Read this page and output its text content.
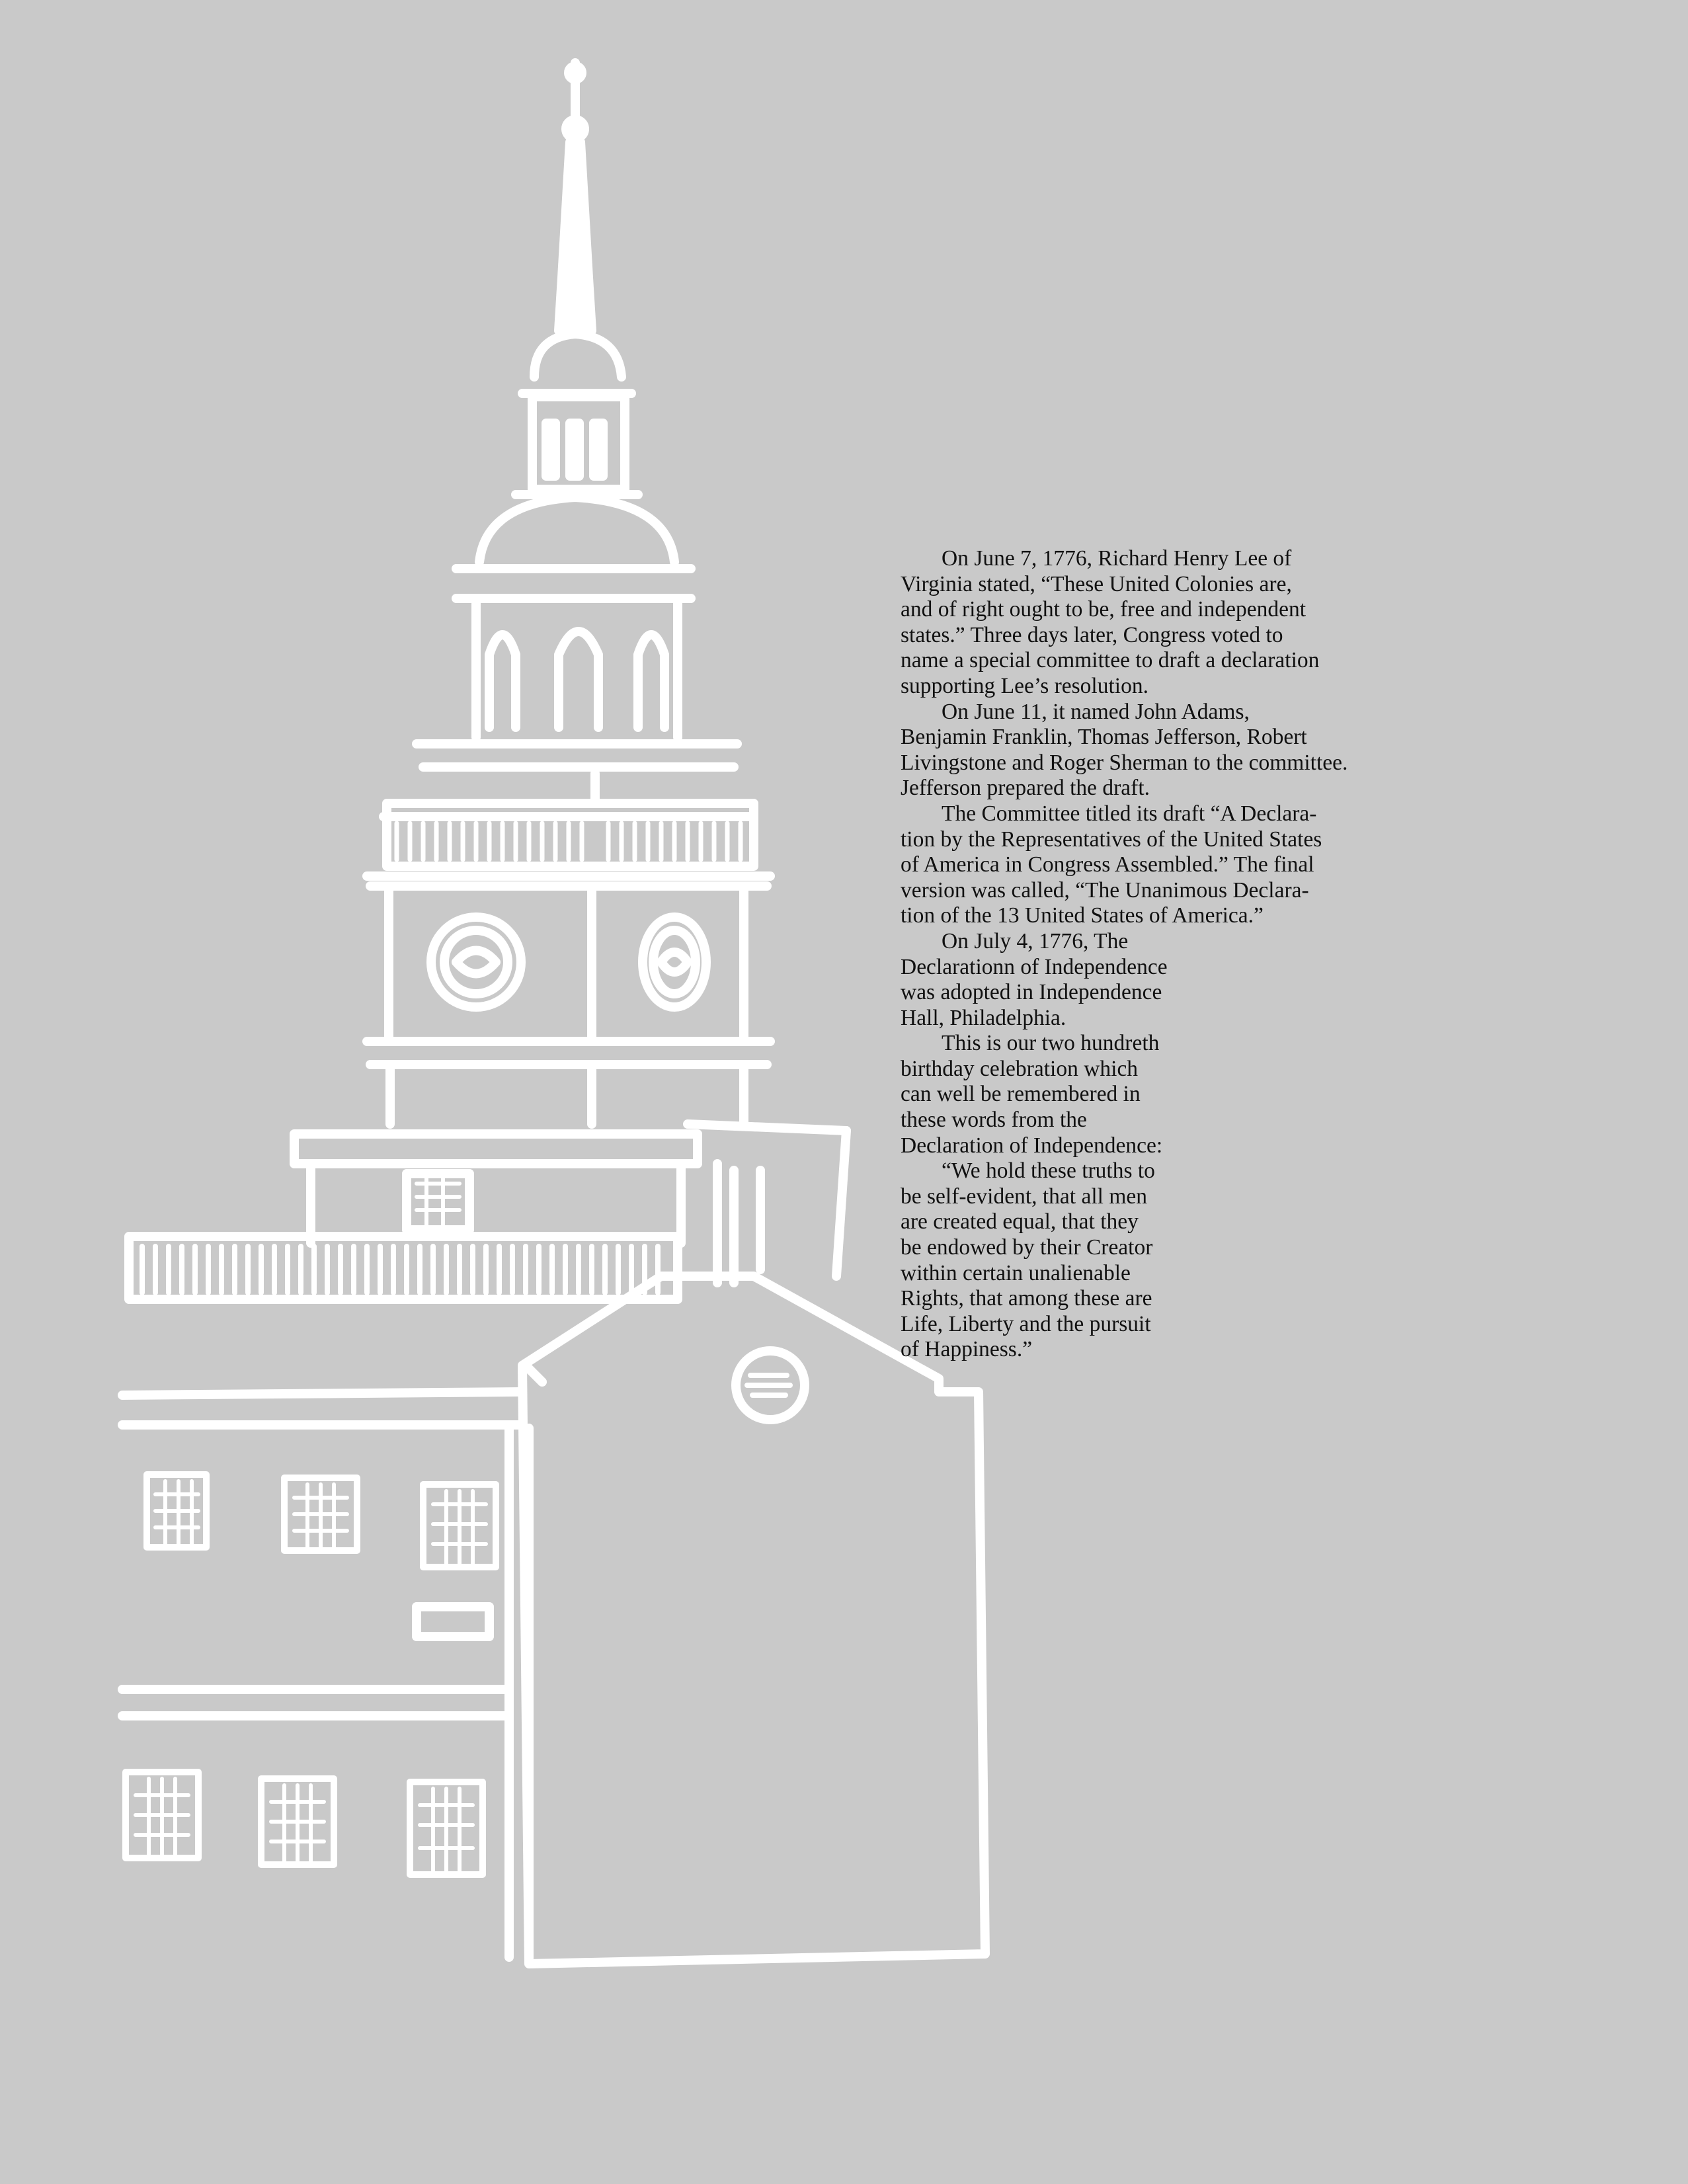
On June 7, 1776, Richard Henry Lee of
Virginia stated, “These United Colonies are,
and of right ought to be, free and independent
states.” Three days later, Congress voted to
name a special committee to draft a declaration
supporting Lee’s resolution.
On June 11, it named John Adams,
Benjamin Franklin, Thomas Jefferson, Robert
Livingstone and Roger Sherman to the committee.
Jefferson prepared the draft.
The Committee titled its draft “A Declara-
tion by the Representatives of the United States
of America in Congress Assembled.” The final
version was called, “The Unanimous Declara-
tion of the 13 United States of America.”
On July 4, 1776, The
Declarationn of Independence
was adopted in Independence
Hall, Philadelphia.
This is our two hundreth
birthday celebration which
can well be remembered in
these words from the
Declaration of Independence:
“We hold these truths to
be self-evident, that all men
are created equal, that they
be endowed by their Creator
within certain unalienable
Rights, that among these are
Life, Liberty and the pursuit
of Happiness.”
